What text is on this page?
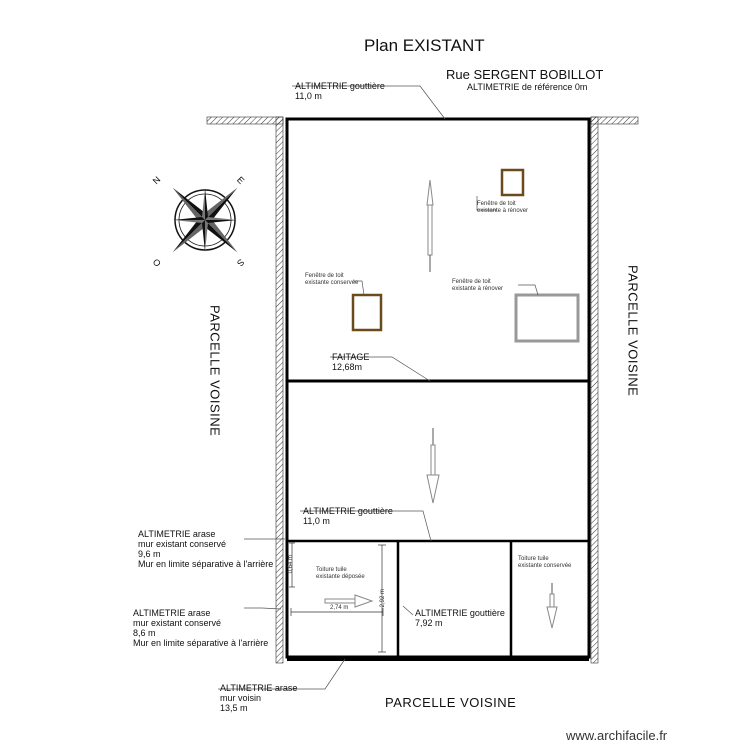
Plan EXISTANT
Rue SERGENT BOBILLOT
ALTIMETRIE de référence 0m
ALTIMETRIE gouttière
11,0 m
FAITAGE
12,68m
ALTIMETRIE gouttière
11,0 m
ALTIMETRIE gouttière
7,92 m
ALTIMETRIE arase
mur existant conservé
9,6 m
Mur en limite séparative à l'arrière
ALTIMETRIE arase
mur existant conservé
8,6 m
Mur en limite séparative à l'arrière
ALTIMETRIE arase
mur voisin
13,5 m
Fenêtre de toit
existante à rénover
Fenêtre de toit
existante conservée	Fenêtre de toit
existante à rénover
Toiture tuile
existante déposée
Toiture tuile
existante conservée
2,74 m
2,92 m
0,64 m
PARCELLE VOISINE	PARCELLE VOISINE
PARCELLE VOISINE
N	E
S
O
www.archifacile.fr
